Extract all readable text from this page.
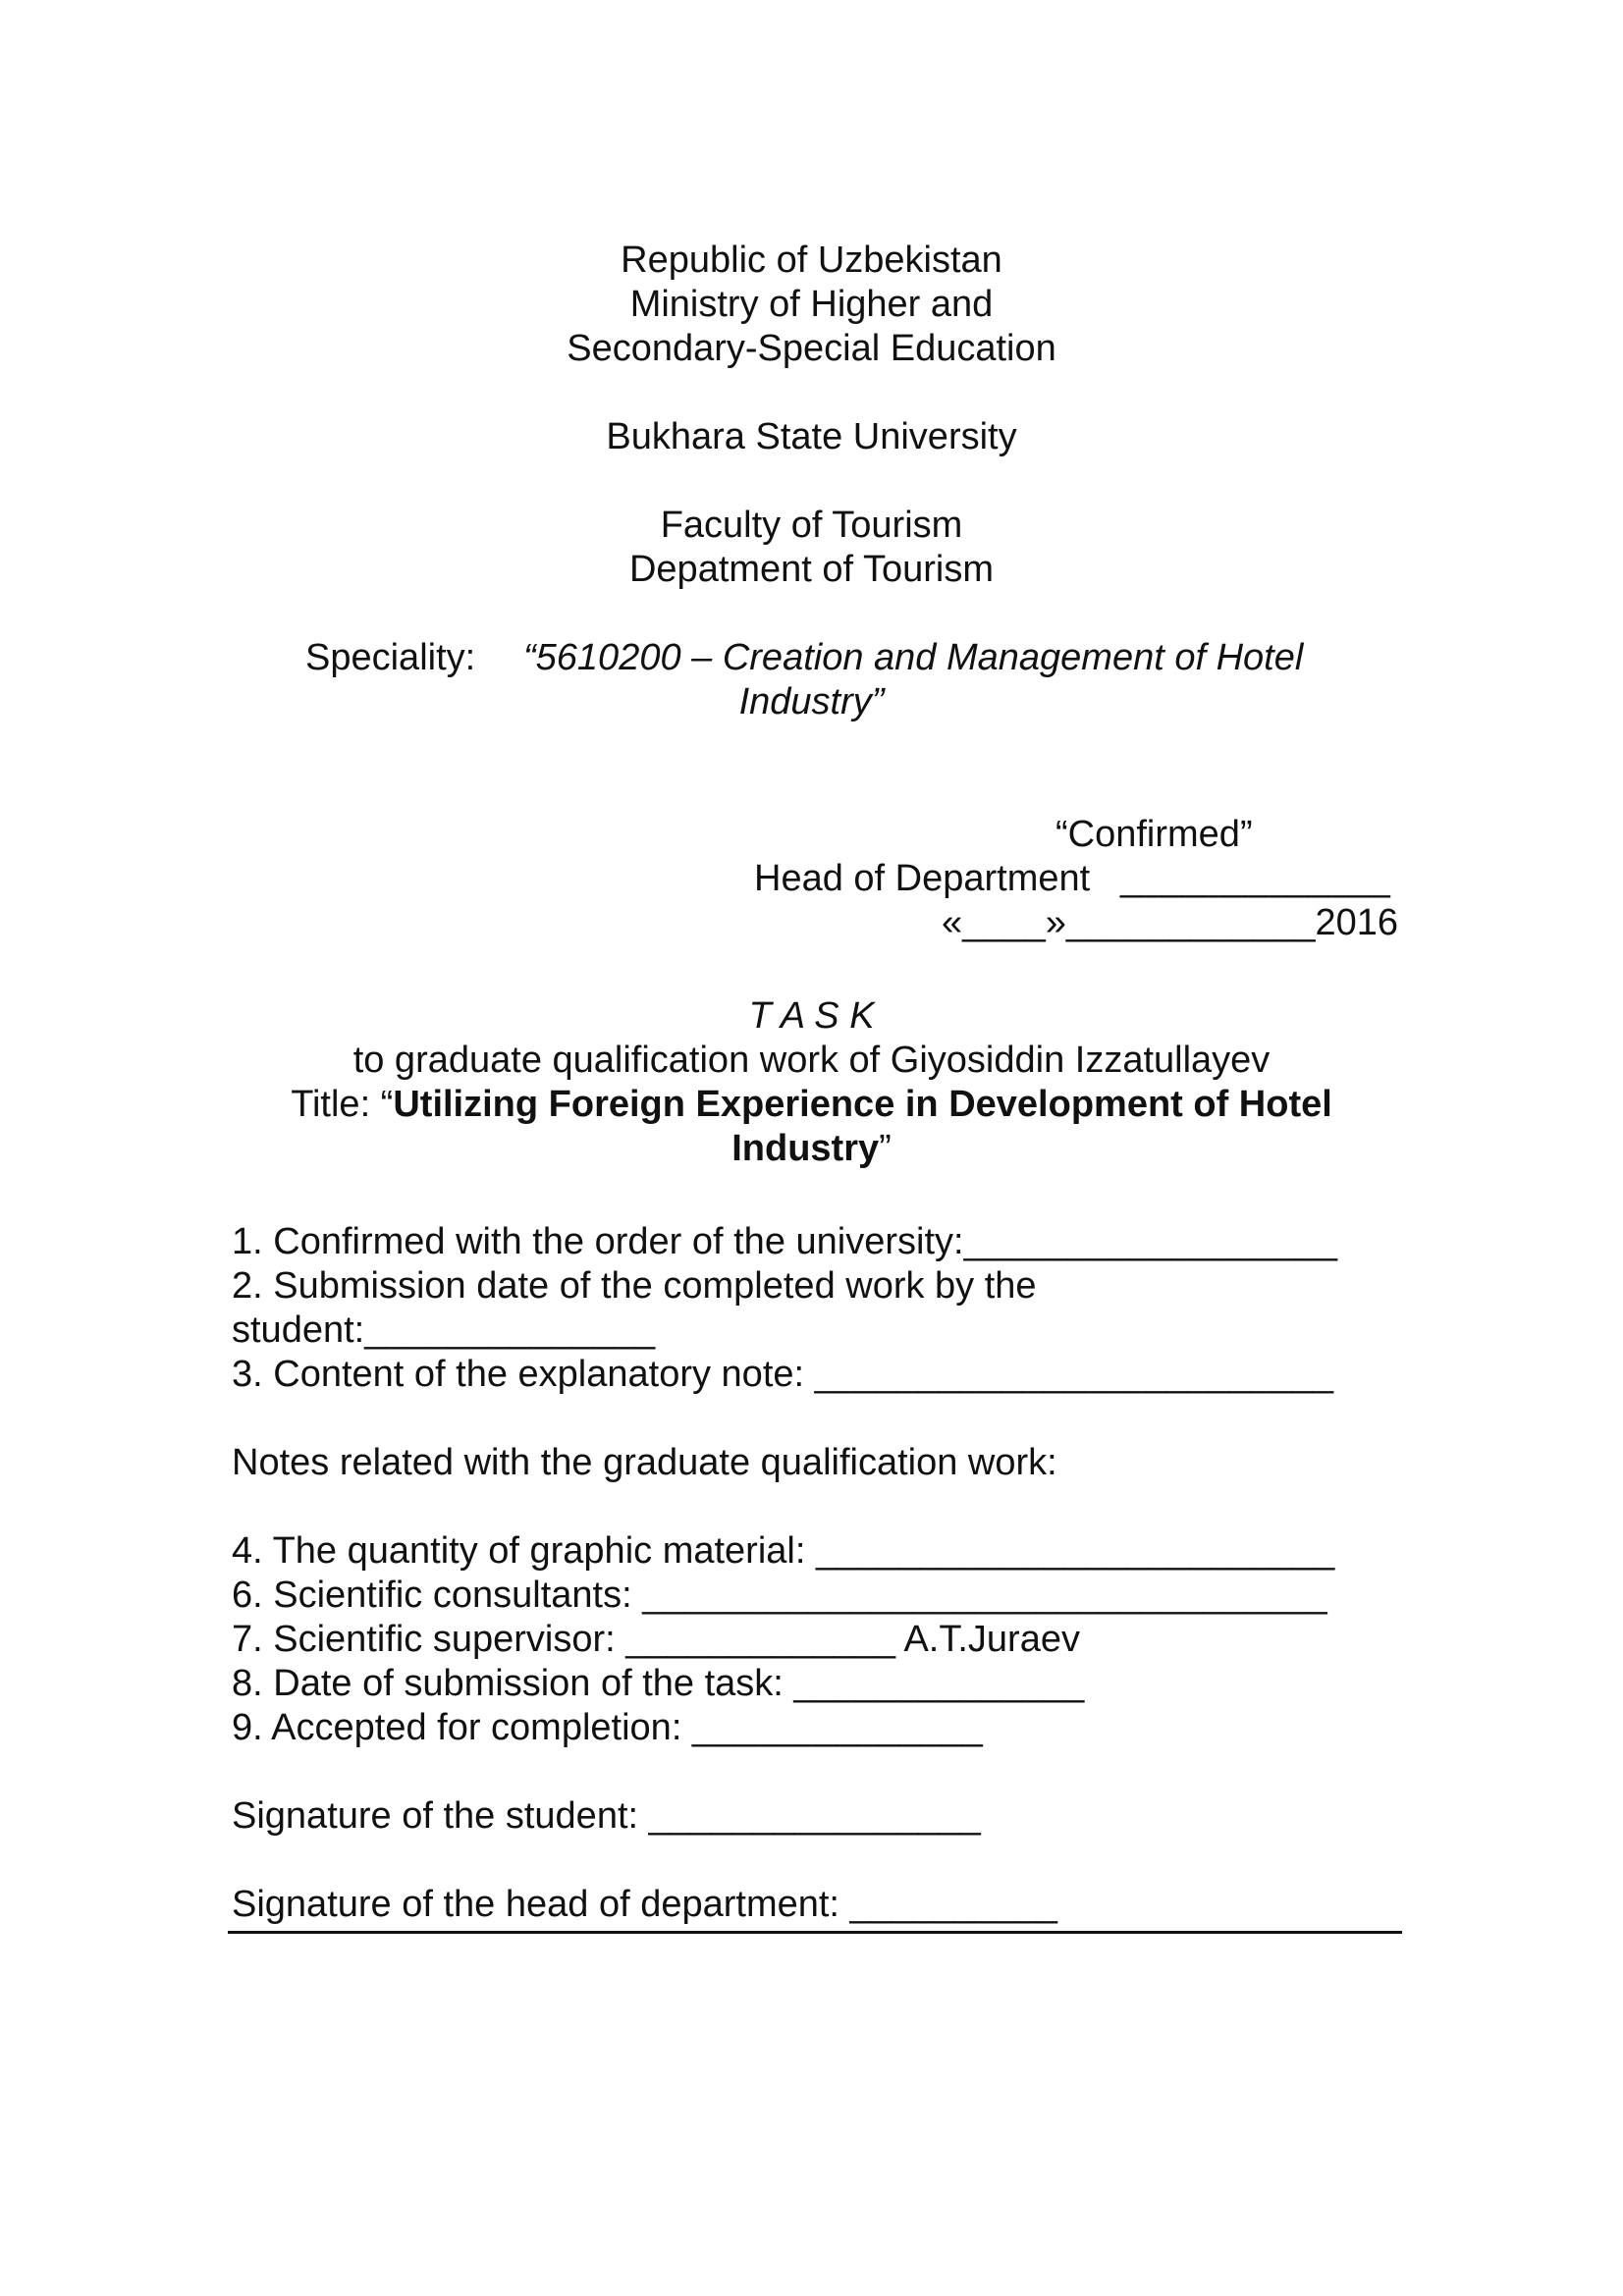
Republic of Uzbekistan
Ministry of Higher and
Secondary-Special Education
Bukhara State University
Faculty of Tourism
Depatment of Tourism
Speciality: “5610200 – Creation and Management of Hotel
Industry”
“Confirmed”
Head of Department _____________
«____»____________2016
T A S K
to graduate qualification work of Giyosiddin Izzatullayev
Title: “Utilizing Foreign Experience in Development of Hotel
Industry”
1. Confirmed with the order of the university:__________________
2. Submission date of the completed work by the
student:______________
3. Content of the explanatory note: _________________________
Notes related with the graduate qualification work:
4. The quantity of graphic material: _________________________
6. Scientific consultants: _________________________________
7. Scientific supervisor: _____________ A.T.Juraev
8. Date of submission of the task: ______________
9. Accepted for completion: ______________
Signature of the student: ________________
Signature of the head of department: __________
